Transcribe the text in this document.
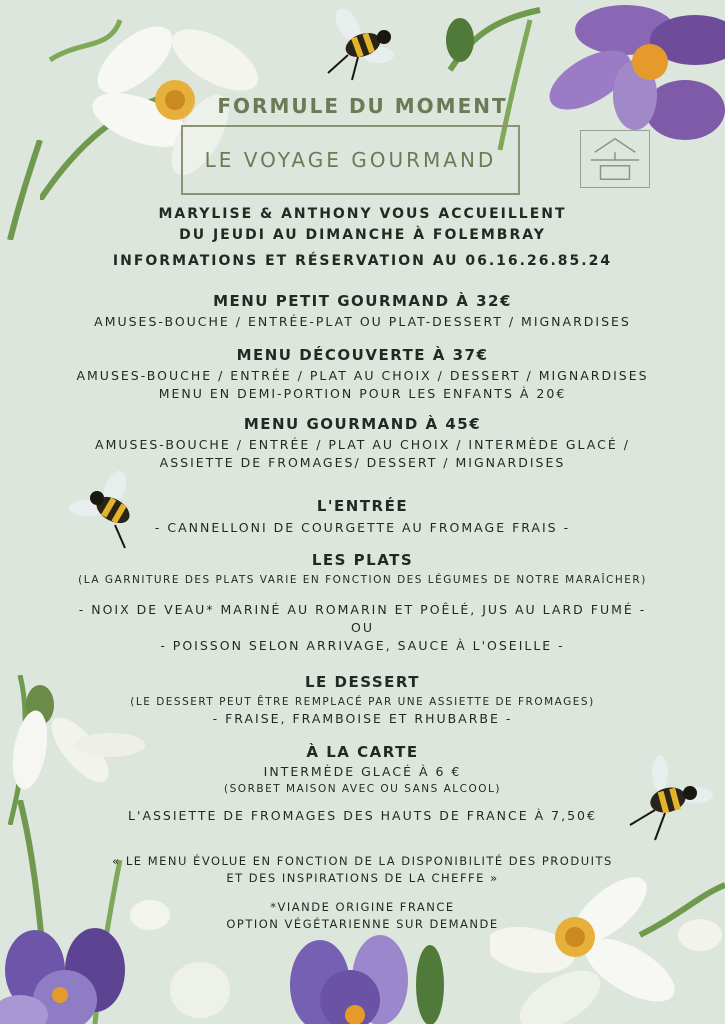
FORMULE DU MOMENT
LE VOYAGE GOURMAND
MARYLISE & ANTHONY VOUS ACCUEILLENT
DU JEUDI AU DIMANCHE À FOLEMBRAY
INFORMATIONS ET RÉSERVATION AU 06.16.26.85.24
MENU PETIT GOURMAND À 32€
AMUSES-BOUCHE / ENTRÉE-PLAT OU PLAT-DESSERT / MIGNARDISES
MENU DÉCOUVERTE À 37€
AMUSES-BOUCHE / ENTRÉE / PLAT AU CHOIX / DESSERT / MIGNARDISES
MENU EN DEMI-PORTION POUR LES ENFANTS À 20€
MENU GOURMAND À 45€
AMUSES-BOUCHE / ENTRÉE / PLAT AU CHOIX / INTERMÈDE GLACÉ /
ASSIETTE DE FROMAGES/ DESSERT / MIGNARDISES
L'ENTRÉE
- CANNELLONI DE COURGETTE AU FROMAGE FRAIS -
LES PLATS
(LA GARNITURE DES PLATS VARIE EN FONCTION DES LÉGUMES DE NOTRE MARAÎCHER)
- NOIX DE VEAU* MARINÉ AU ROMARIN ET POÊLÉ, JUS AU LARD FUMÉ -
OU
- POISSON SELON ARRIVAGE, SAUCE À L'OSEILLE -
LE DESSERT
(LE DESSERT PEUT ÊTRE REMPLACÉ PAR UNE ASSIETTE DE FROMAGES)
- FRAISE, FRAMBOISE ET RHUBARBE -
À LA CARTE
INTERMÈDE GLACÉ À 6 €
(SORBET MAISON AVEC OU SANS ALCOOL)
L'ASSIETTE DE FROMAGES DES HAUTS DE FRANCE À 7,50€
« LE MENU ÉVOLUE EN FONCTION DE LA DISPONIBILITÉ DES PRODUITS
ET DES INSPIRATIONS DE LA CHEFFE »
*VIANDE ORIGINE FRANCE
OPTION VÉGÉTARIENNE SUR DEMANDE
